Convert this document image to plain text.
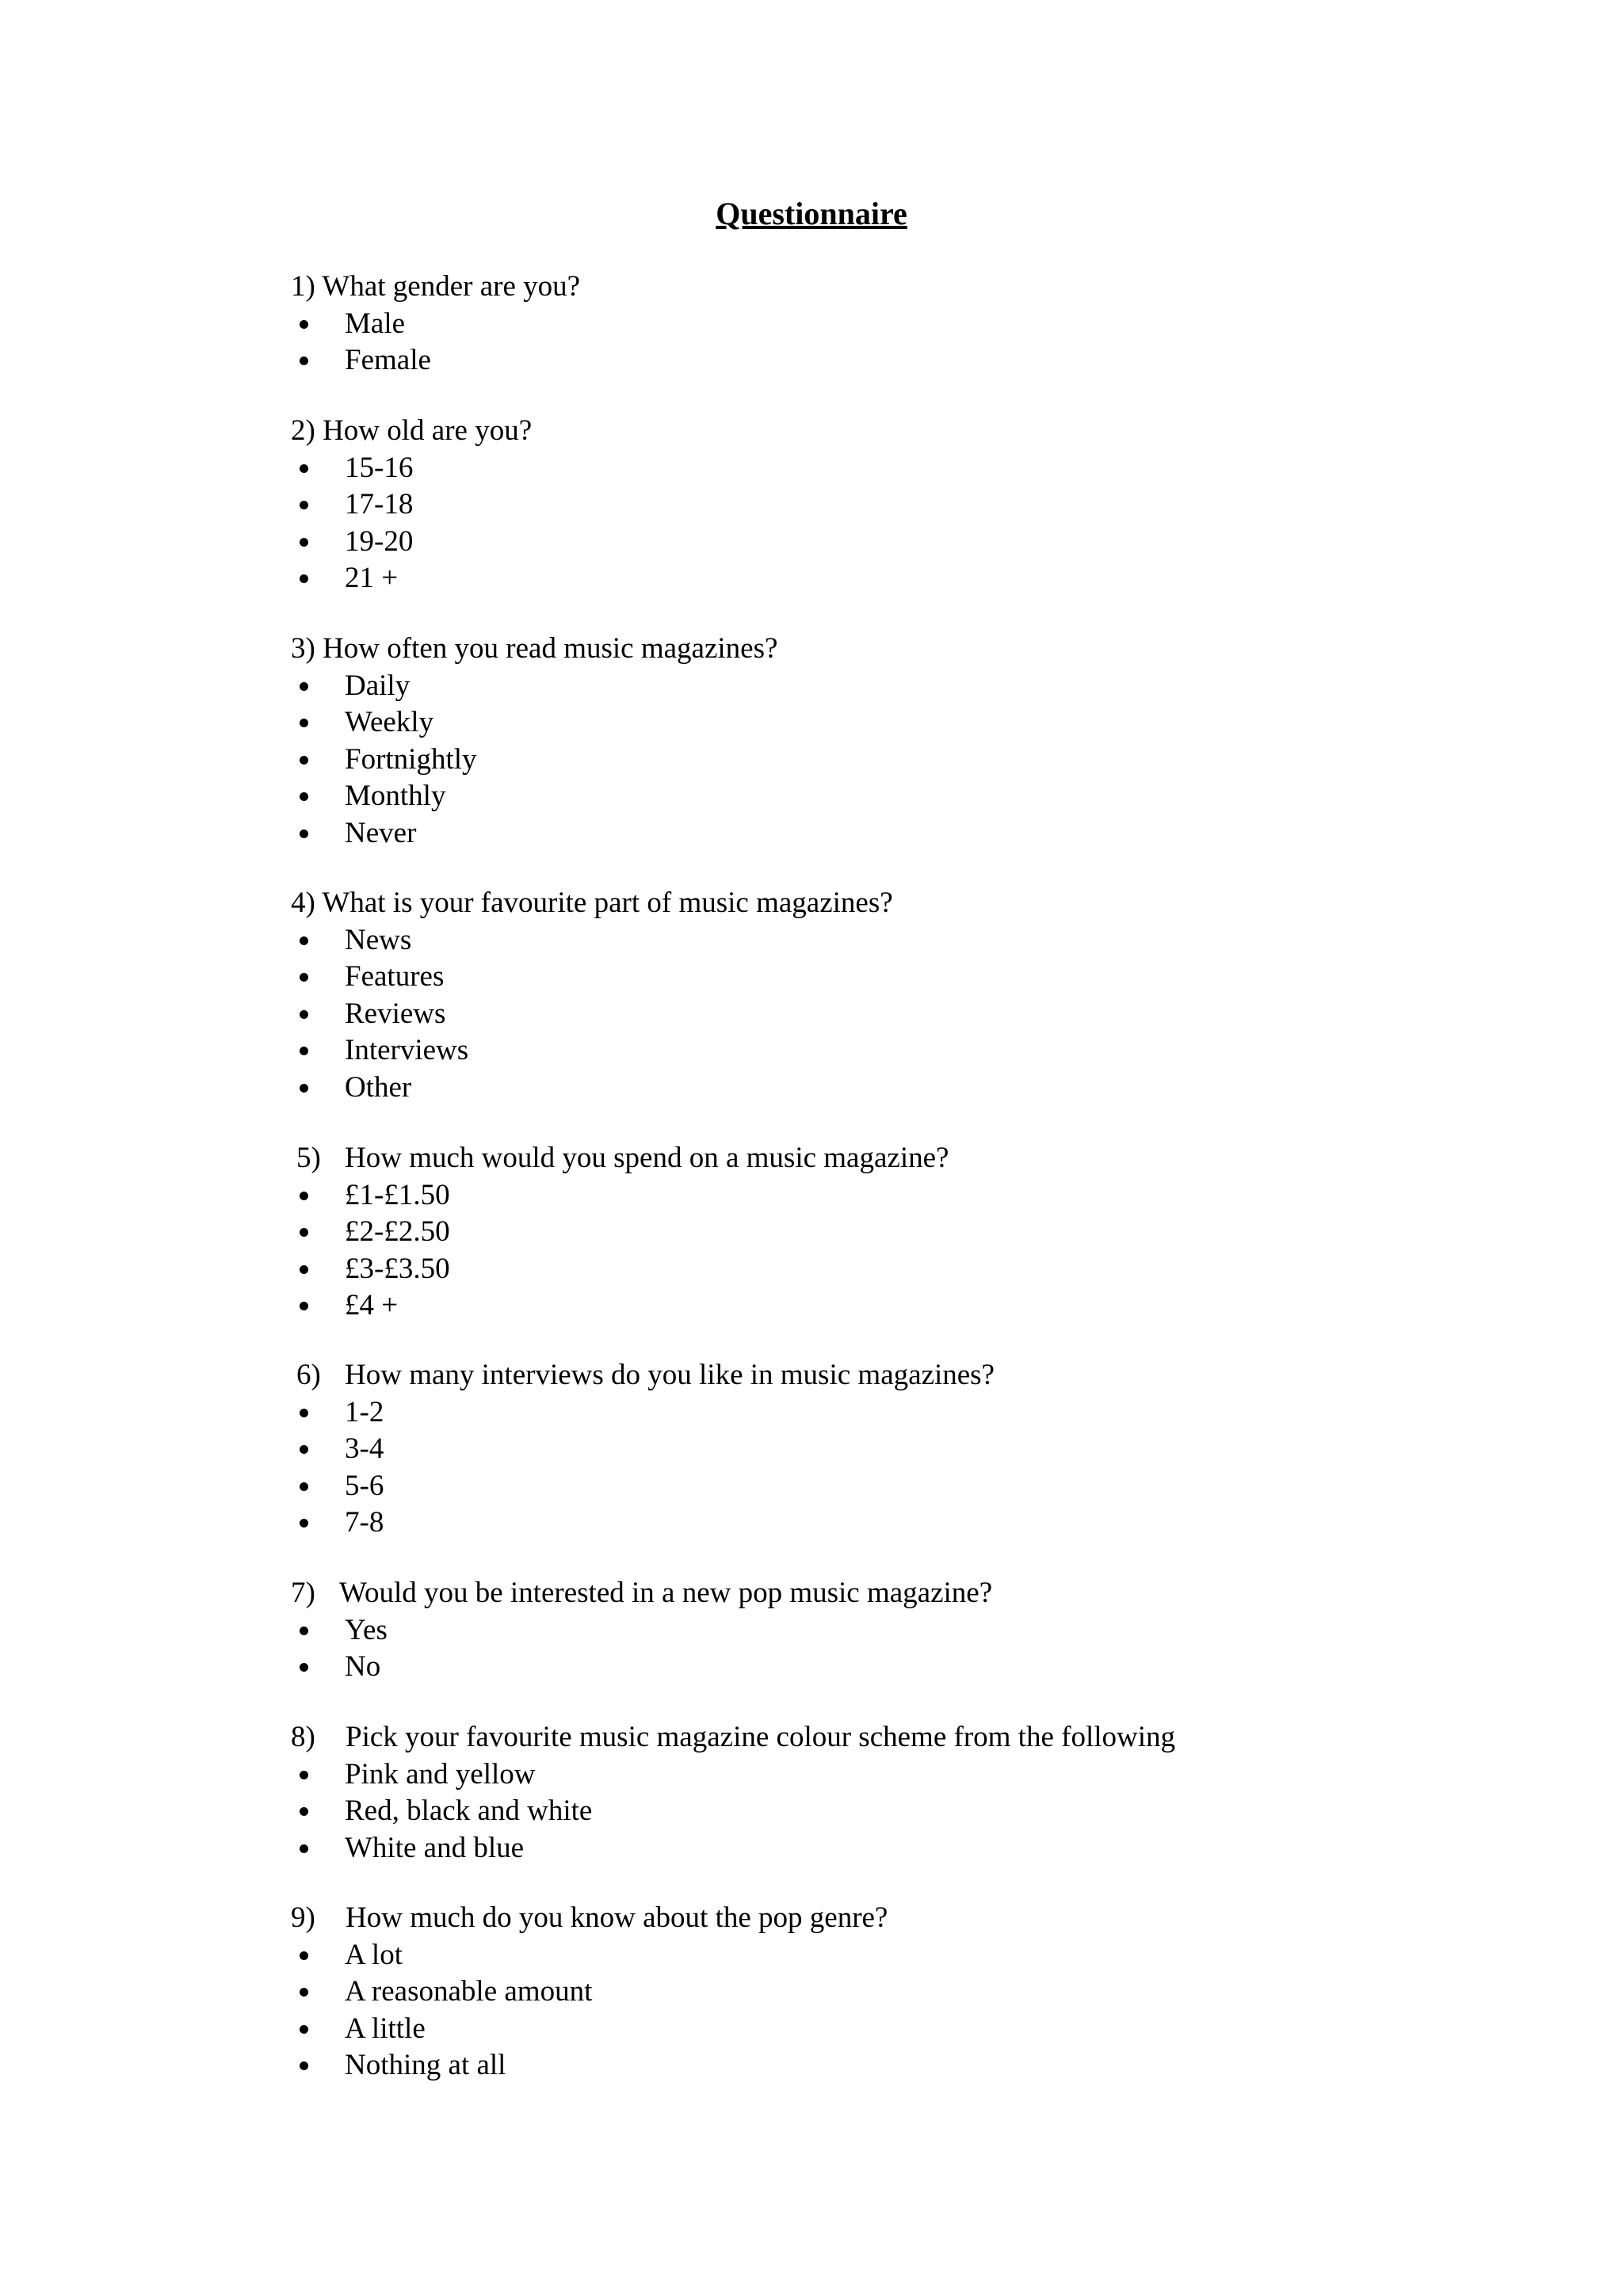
Questionnaire

1) What gender are you?

Male
Female

2) How old are you?

15-16
17-18
19-20
21 +

3) How often you read music magazines?

Daily
Weekly
Fortnightly
Monthly
Never

4) What is your favourite part of music magazines?

News
Features
Reviews
Interviews
Other

5) How much would you spend on a music magazine?

£1-£1.50
£2-£2.50
£3-£3.50
£4 +

6) How many interviews do you like in music magazines?

1-2
3-4
5-6
7-8

7) Would you be interested in a new pop music magazine?

Yes
No

8) Pick your favourite music magazine colour scheme from the following

Pink and yellow
Red, black and white
White and blue

9) How much do you know about the pop genre?

A lot
A reasonable amount
A little
Nothing at all
